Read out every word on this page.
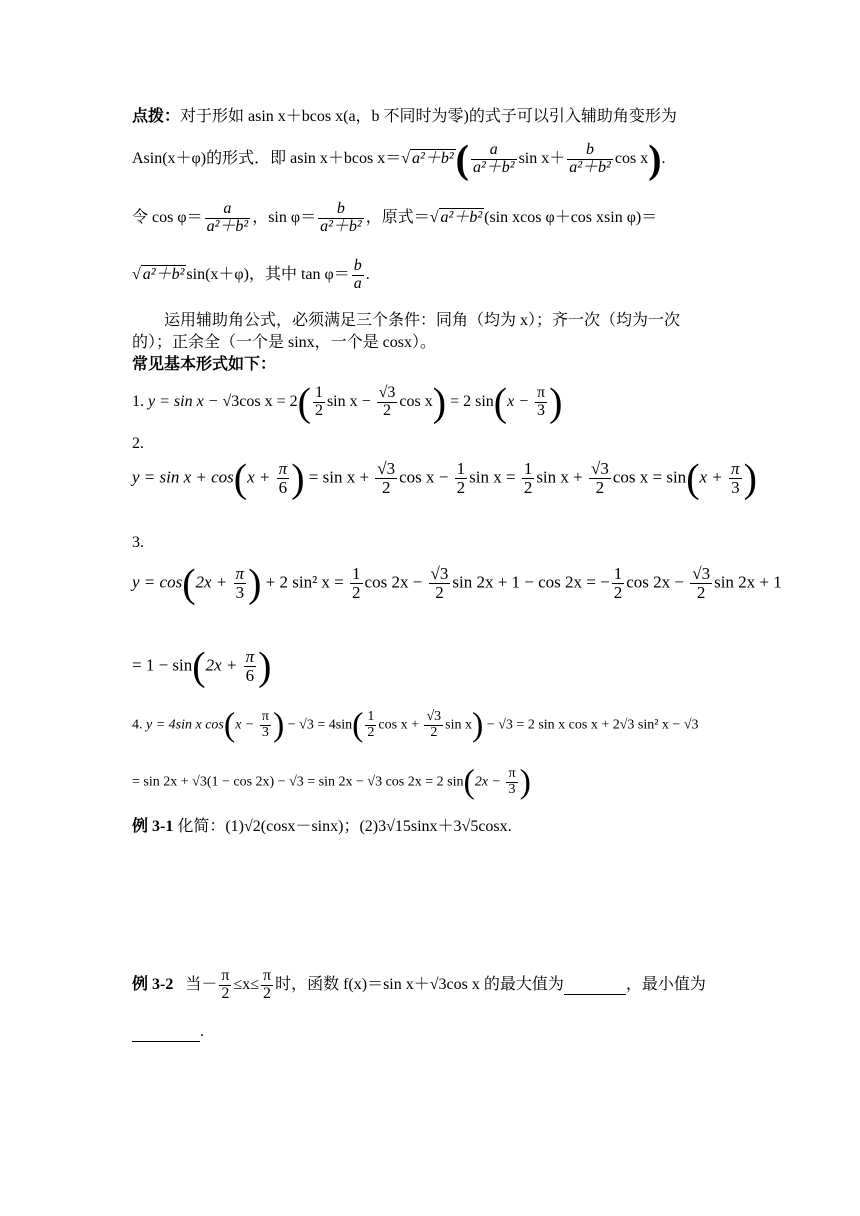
点拨：对于形如 asin x＋bcos x(a，b 不同时为零)的式子可以引入辅助角变形为
Asin(x＋φ)的形式．即 asin x＋bcos x＝√ $a^2+b^2( \frac{a}{\text{a²＋b²}}$ $\sin x+ \frac{b}{\text{a²＋b²}}$ cos x).
令 $\cos \varphi= \frac{a}{\text{a²＋b²}}$ ，$\sin \varphi= \frac{b}{\text{a²＋b²}}$ ，原式＝√ a²＋b² (sin xcos φ＋cos xsin φ)＝
√ a²＋b² sin(x＋φ)，其中 $\tan \varphi= \frac{b}{a}$ .
运用辅助角公式，必须满足三个条件：同角（均为 x）；齐一次（均为一次
的）；正余全（一个是 sinx，一个是 cosx）。
常见基本形式如下：
1. y = sin x − √3cos $x = 2( \frac{1}{2}$ $\sin x - \frac{√3}{2}$ cos x) = 2 $\sin(x - \frac{\pi}{3}$ )
2.
$y = \sin x + \cos(x + \frac{\pi}{6}$ ) = $\sin x + \frac{√3}{2}$ $\cos x - \frac{1}{2}$ $\sin x = \frac{1}{2}$ $\sin x + \frac{√3}{2}$ $\cos x = \sin(x + \frac{\pi}{3}$ )
3.
$y = \cos(2x + \frac{\pi}{3}$ ) + 2 sin² $x = \frac{1}{2}$ $\cos 2x - \frac{√3}{2}$ sin 2x + 1 − cos 2x = − $\frac{1}{2}$ $\cos 2x - \frac{√3}{2}$ sin 2x + 1
= $1 - \sin(2x + \frac{\pi}{6}$ )
4. y = 4sin x $\cos(x - \frac{\pi}{3}$ ) − $√3 = 4\sin( \frac{1}{2}$ $\cos x + \frac{√3}{2}$ sin x) − √3 = 2 sin x cos x + 2√3 sin² x − √3
= sin 2x + √3(1 − cos 2x) − √3 = sin 2x − √3 cos 2x = 2 $\sin(2x - \frac{\pi}{3}$ )
例 3-1 化简：(1)√2(cosx－sinx)；(2)3√15sinx＋3√5cosx.
例 3-2 当－ $\frac{\pi}{2} \le x\le \frac{\pi}{2}$ 时，函数 f(x)＝sin x＋√3cos x 的最大值为	，最小值为
.
